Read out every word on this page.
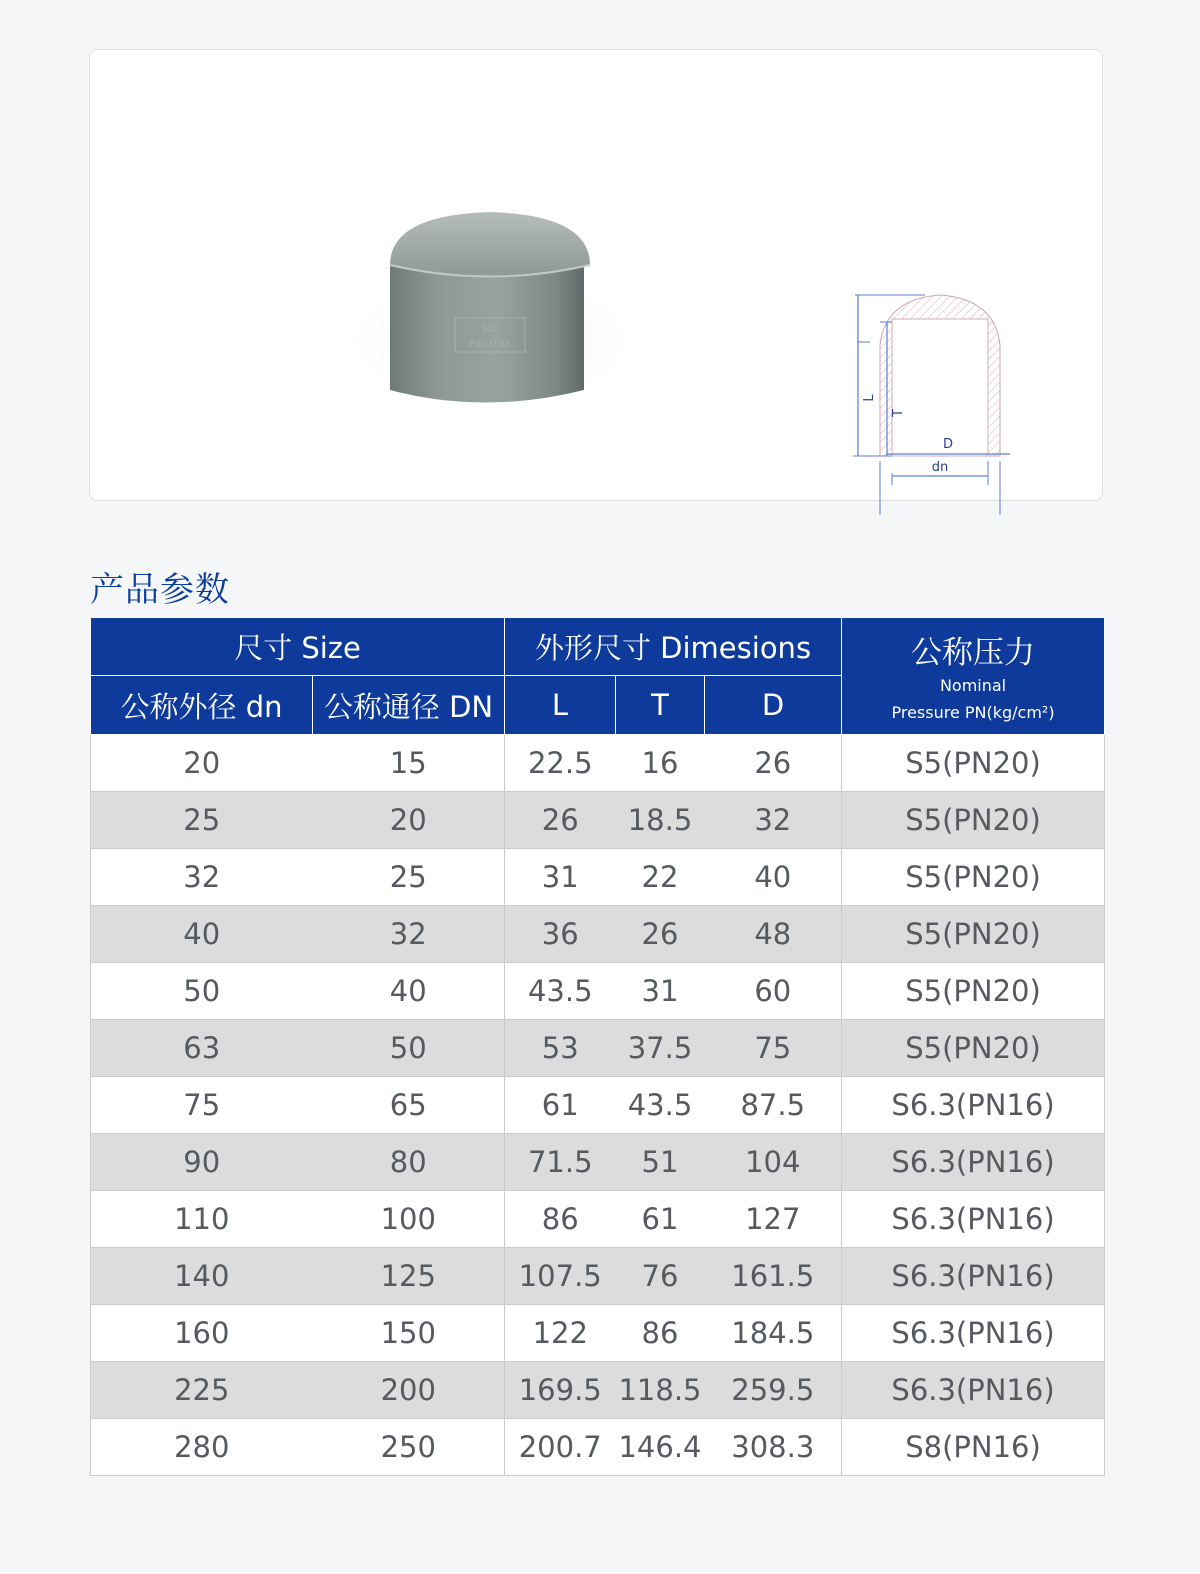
MD
PVC-U S5
L
T
dn
产品参数
尺寸 Size		外形尺寸 Dimesions			公称压力
Nominal
Pressure PN(kg/cm²)

公称外径 dn	公称通径 DN	L	T	D	
20	15	22.5	16	26	S5(PN20)
25	20	26	18.5	32	S5(PN20)
32	25	31	22	40	S5(PN20)
40	32	36	26	48	S5(PN20)
50	40	43.5	31	60	S5(PN20)
63	50	53	37.5	75	S5(PN20)
75	65	61	43.5	87.5	S6.3(PN16)
90	80	71.5	51	104	S6.3(PN16)
110	100	86	61	127	S6.3(PN16)
140	125	107.5	76	161.5	S6.3(PN16)
160	150	122	86	184.5	S6.3(PN16)
225	200	169.5	118.5	259.5	S6.3(PN16)
280	250	200.7	146.4	308.3	S8(PN16)
D
